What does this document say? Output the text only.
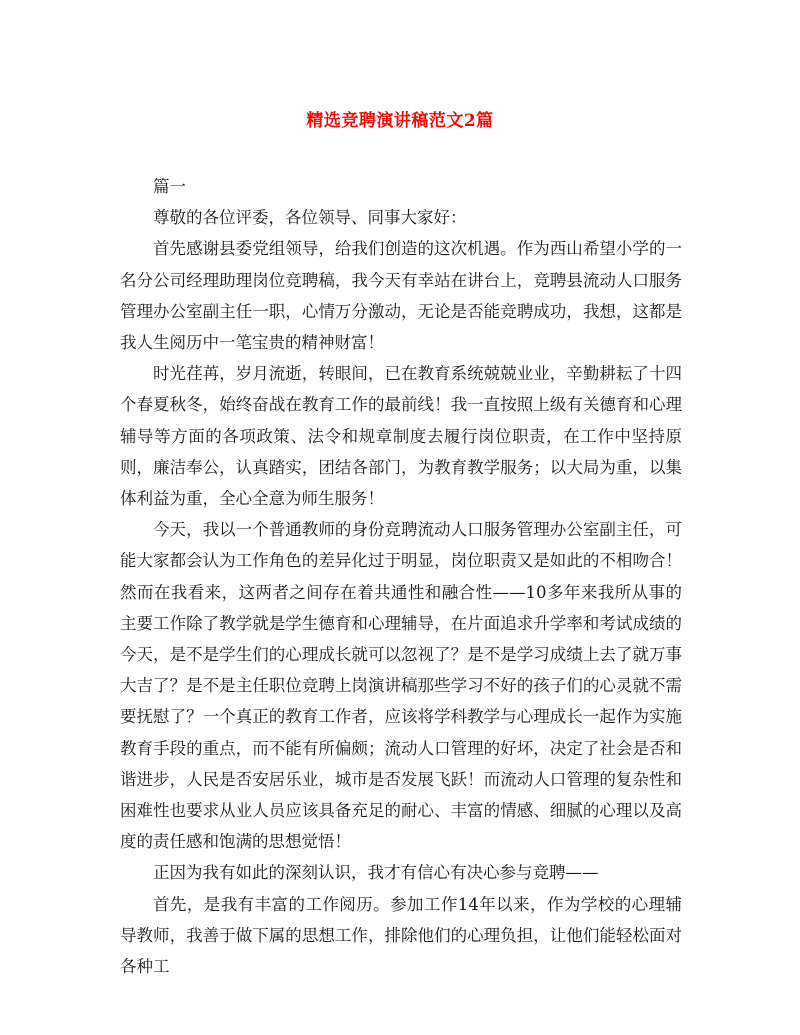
精选竞聘演讲稿范文2篇

篇一

尊敬的各位评委，各位领导、同事大家好：

首先感谢县委党组领导，给我们创造的这次机遇。作为西山希望小学的一名分公司经理助理岗位竞聘稿，我今天有幸站在讲台上，竞聘县流动人口服务管理办公室副主任一职，心情万分激动，无论是否能竞聘成功，我想，这都是我人生阅历中一笔宝贵的精神财富！

时光荏苒，岁月流逝，转眼间，已在教育系统兢兢业业，辛勤耕耘了十四个春夏秋冬，始终奋战在教育工作的最前线！我一直按照上级有关德育和心理辅导等方面的各项政策、法令和规章制度去履行岗位职责，在工作中坚持原则，廉洁奉公，认真踏实，团结各部门，为教育教学服务；以大局为重，以集体利益为重，全心全意为师生服务！

今天，我以一个普通教师的身份竞聘流动人口服务管理办公室副主任，可能大家都会认为工作角色的差异化过于明显，岗位职责又是如此的不相吻合！然而在我看来，这两者之间存在着共通性和融合性——10多年来我所从事的主要工作除了教学就是学生德育和心理辅导，在片面追求升学率和考试成绩的今天，是不是学生们的心理成长就可以忽视了？是不是学习成绩上去了就万事大吉了？是不是主任职位竞聘上岗演讲稿那些学习不好的孩子们的心灵就不需要抚慰了？一个真正的教育工作者，应该将学科教学与心理成长一起作为实施教育手段的重点，而不能有所偏颇；流动人口管理的好坏，决定了社会是否和谐进步，人民是否安居乐业，城市是否发展飞跃！而流动人口管理的复杂性和困难性也要求从业人员应该具备充足的耐心、丰富的情感、细腻的心理以及高度的责任感和饱满的思想觉悟！

正因为我有如此的深刻认识，我才有信心有决心参与竞聘——

首先，是我有丰富的工作阅历。参加工作14年以来，作为学校的心理辅导教师，我善于做下属的思想工作，排除他们的心理负担，让他们能轻松面对各种工
